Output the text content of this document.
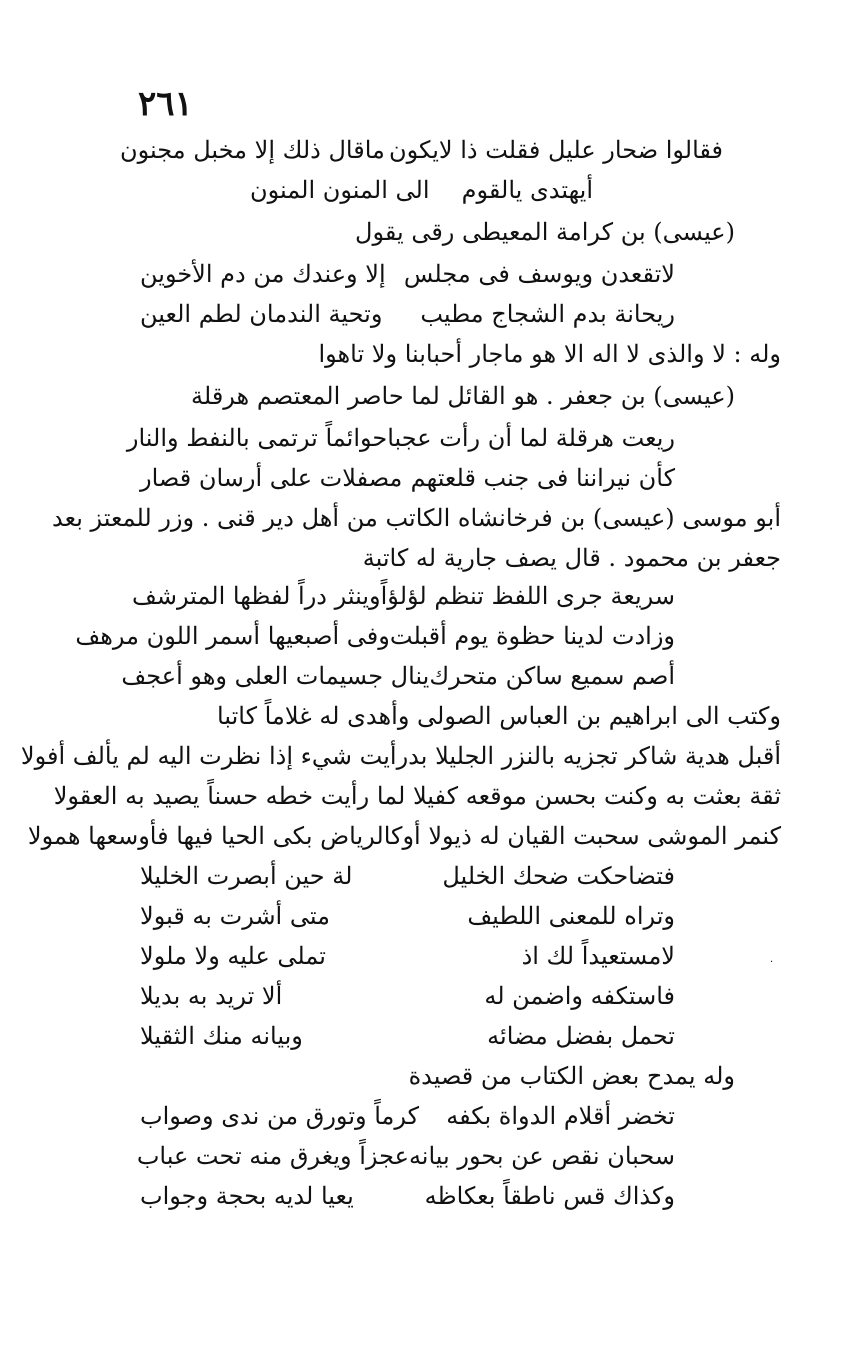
٢٦١
·
فقالوا ضحار عليل فقلت ذا لايكون
ماقال ذلك إلا مخبل مجنون
أيهتدى يالقوم
الى المنون المنون
(عيسى) بن كرامة المعيطى رقى يقول
لاتقعدن ويوسف فى مجلس
إلا وعندك من دم الأخوين
ريحانة بدم الشجاج مطيب
وتحية الندمان لطم العين
وله : لا والذى لا اله الا هو ماجار أحبابنا ولا تاهوا
(عيسى) بن جعفر . هو القائل لما حاصر المعتصم هرقلة
ريعت هرقلة لما أن رأت عجبا
حوائماً ترتمى بالنفط والنار
كأن نيراننا فى جنب قلعتهم
مصفلات على أرسان قصار
أبو موسى (عيسى) بن فرخانشاه الكاتب من أهل دير قنى . وزر للمعتز بعد
جعفر بن محمود . قال يصف جارية له كاتبة
سريعة جرى اللفظ تنظم لؤلؤاً
وينثر دراً لفظها المترشف
وزادت لدينا حظوة يوم أقبلت
وفى أصبعيها أسمر اللون مرهف
أصم سميع ساكن متحرك
ينال جسيمات العلى وهو أعجف
وكتب الى ابراهيم بن العباس الصولى وأهدى له غلاماً كاتبا
أقبل هدية شاكر تجزيه بالنزر الجليلا بدرأيت شيء إذا نظرت اليه لم يألف أفولا
ثقة بعثت به وكنت بحسن موقعه كفيلا لما رأيت خطه حسناً يصيد به العقولا
كنمر الموشى سحبت القيان له ذيولا أوكالرياض بكى الحيا فيها فأوسعها همولا
فتضاحكت ضحك الخليل
لة حين أبصرت الخليلا
وتراه للمعنى اللطيف
متى أشرت به قبولا
لامستعيداً لك اذ
تملى عليه ولا ملولا
فاستكفه واضمن له
ألا تريد به بديلا
تحمل بفضل مضائه
وبيانه منك الثقيلا
وله يمدح بعض الكتاب من قصيدة
تخضر أقلام الدواة بكفه
كرماً وتورق من ندى وصواب
سحبان نقص عن بحور بيانه
عجزاً ويغرق منه تحت عباب
وكذاك قس ناطقاً بعكاظه
يعيا لديه بحجة وجواب
